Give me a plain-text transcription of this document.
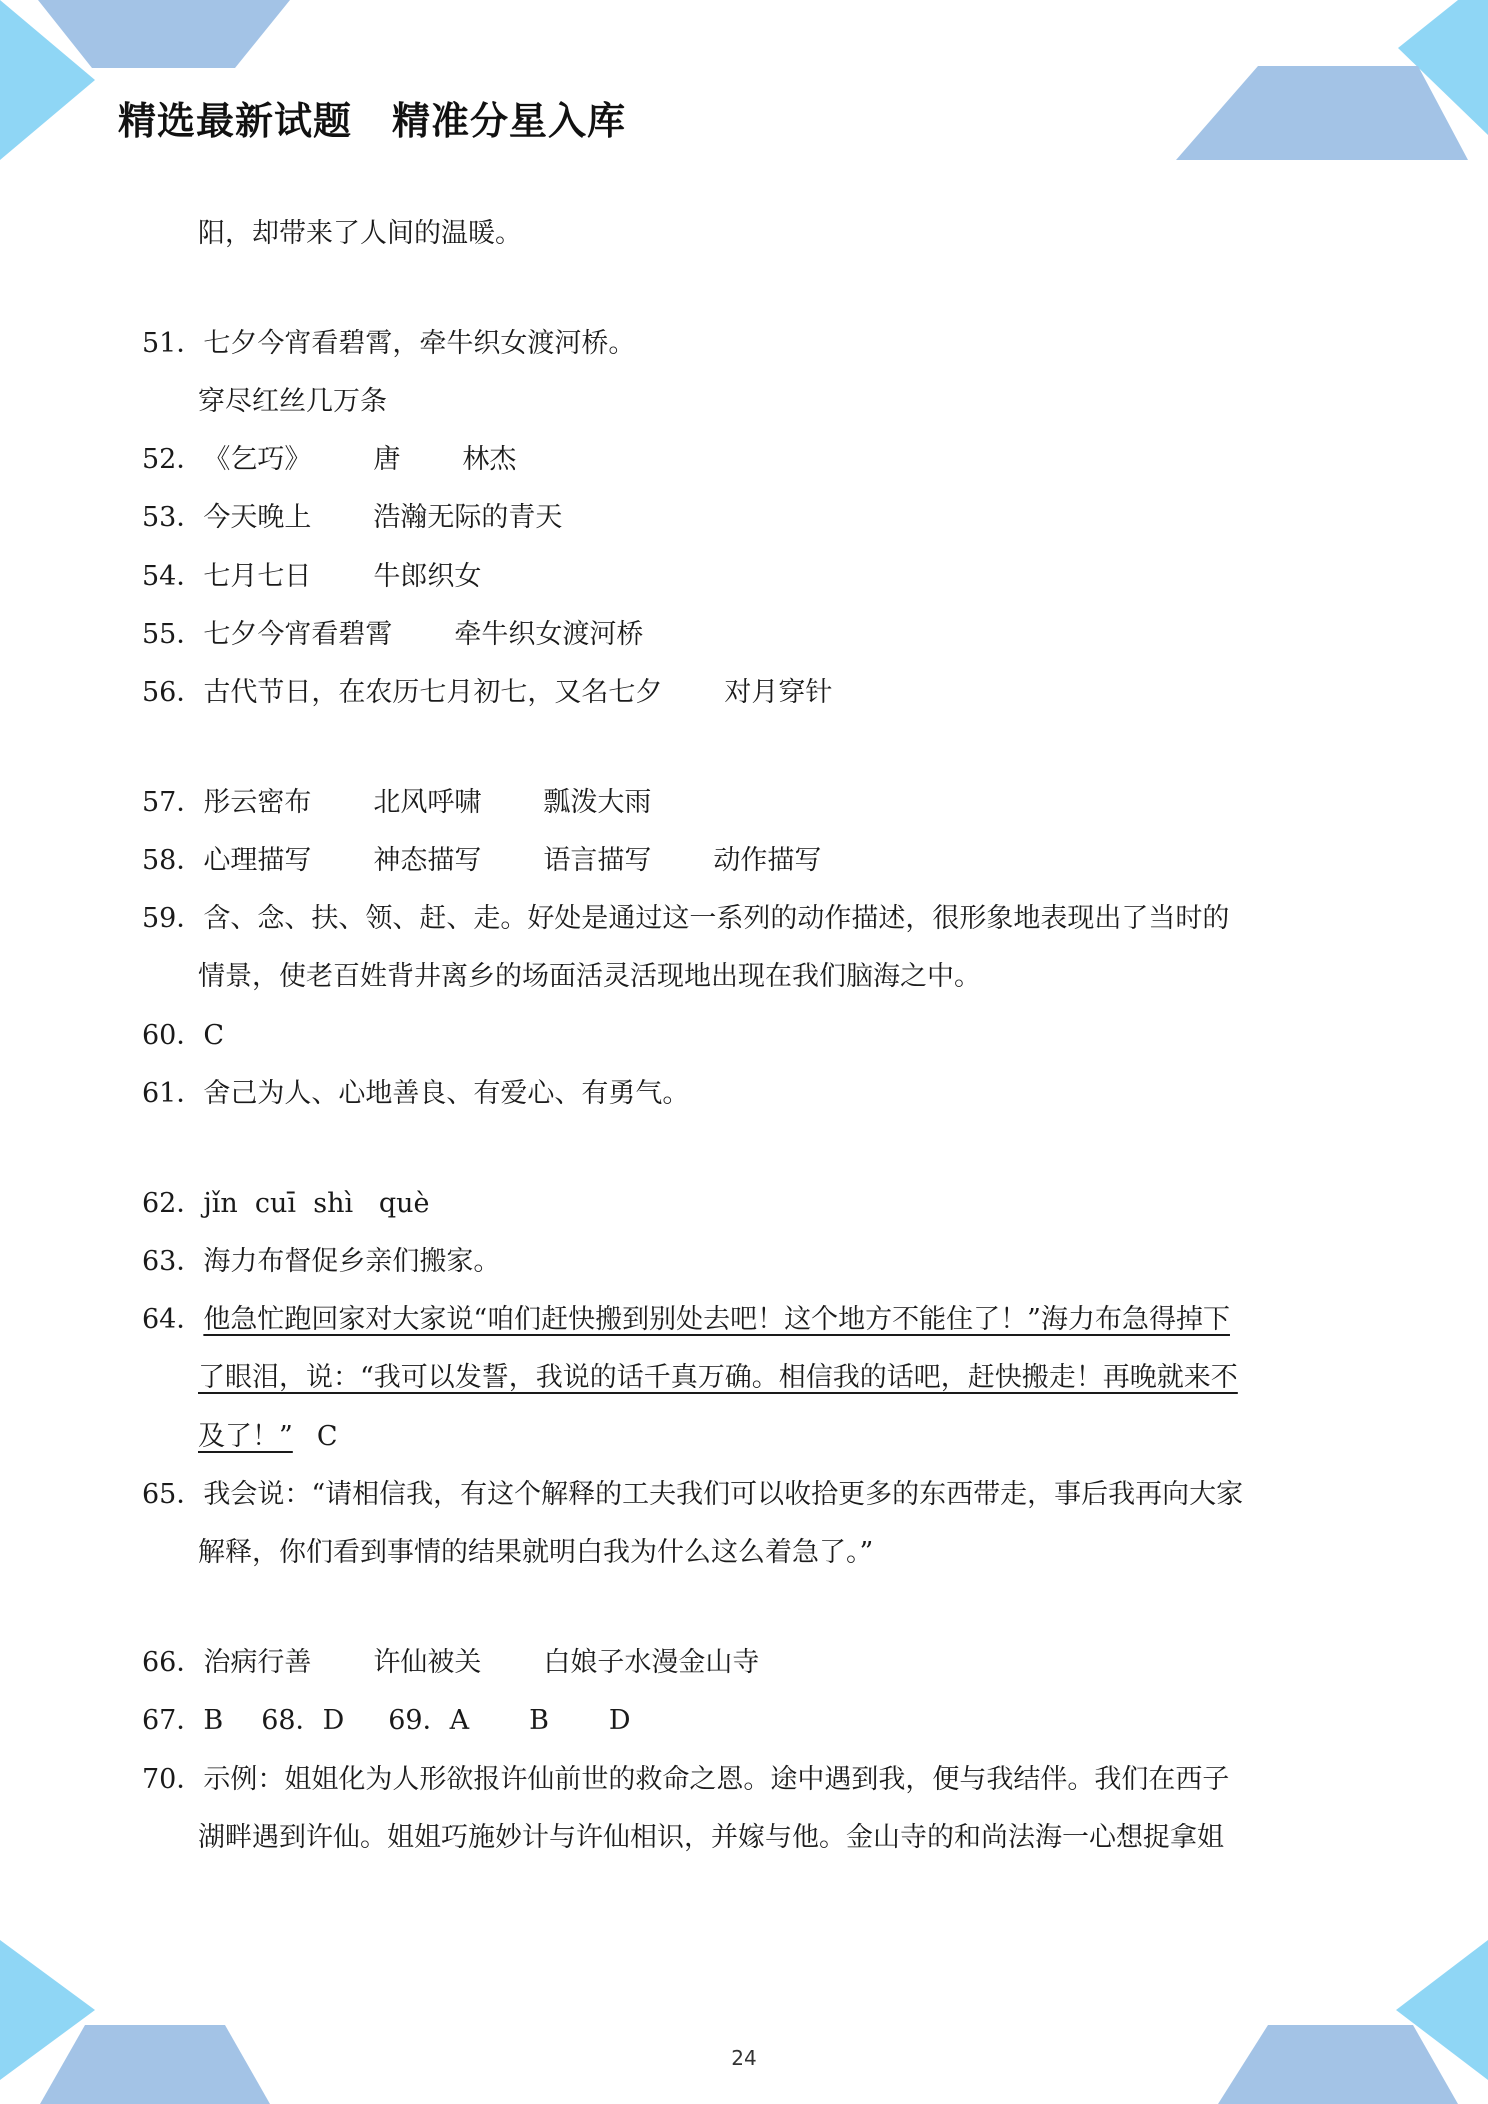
精选最新试题 精准分星入库
阳，却带来了人间的温暖。
51．七夕今宵看碧霄，牵牛织女渡河桥。
穿尽红丝几万条
52．《乞巧》 唐 林杰
53．今天晚上 浩瀚无际的青天
54．七月七日 牛郎织女
55．七夕今宵看碧霄 牵牛织女渡河桥
56．古代节日，在农历七月初七，又名七夕 对月穿针
57．彤云密布 北风呼啸 瓢泼大雨
58．心理描写 神态描写 语言描写 动作描写
59．含、念、扶、领、赶、走。好处是通过这一系列的动作描述，很形象地表现出了当时的
情景，使老百姓背井离乡的场面活灵活现地出现在我们脑海之中。
60．C
61．舍己为人、心地善良、有爱心、有勇气。
62．jǐn  cuī  shì   què
63．海力布督促乡亲们搬家。
64．他急忙跑回家对大家说“咱们赶快搬到别处去吧！这个地方不能住了！”海力布急得掉下
了眼泪，说：“我可以发誓，我说的话千真万确。相信我的话吧，赶快搬走！再晚就来不
及了！” C
65．我会说：“请相信我，有这个解释的工夫我们可以收拾更多的东西带走，事后我再向大家
解释，你们看到事情的结果就明白我为什么这么着急了。”
66．治病行善 许仙被关 白娘子水漫金山寺
67．B 68．D 69．A B D
70．示例：姐姐化为人形欲报许仙前世的救命之恩。途中遇到我，便与我结伴。我们在西子
湖畔遇到许仙。姐姐巧施妙计与许仙相识，并嫁与他。金山寺的和尚法海一心想捉拿姐
24
